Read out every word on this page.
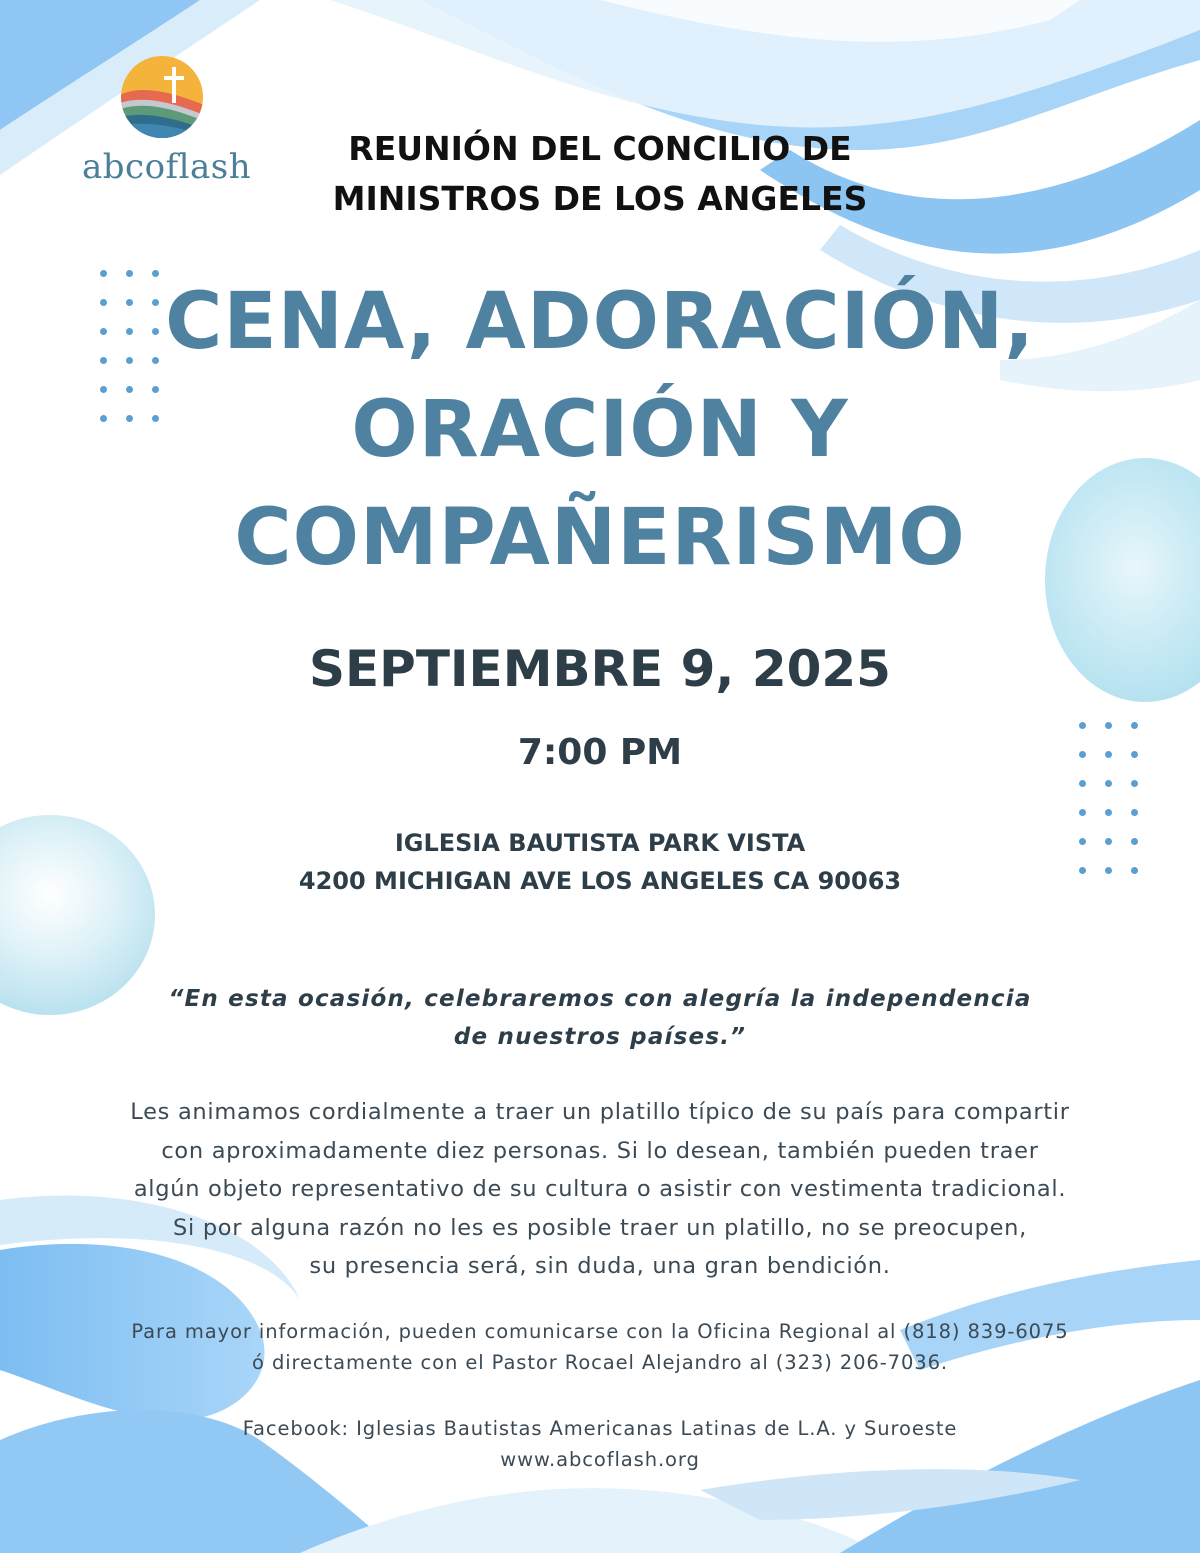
abcoflash	REUNIÓN DEL CONCILIO DE
MINISTROS DE LOS ANGELES
CENA, ADORACIÓN,
ORACIÓN Y
COMPAÑERISMO
SEPTIEMBRE 9, 2025
7:00 PM
IGLESIA BAUTISTA PARK VISTA
4200 MICHIGAN AVE LOS ANGELES CA 90063
“En esta ocasión, celebraremos con alegría la independencia
de nuestros países.”
Les animamos cordialmente a traer un platillo típico de su país para compartir
con aproximadamente diez personas. Si lo desean, también pueden traer
algún objeto representativo de su cultura o asistir con vestimenta tradicional.
Si por alguna razón no les es posible traer un platillo, no se preocupen,
su presencia será, sin duda, una gran bendición.
Para mayor información, pueden comunicarse con la Oficina Regional al (818) 839-6075
ó directamente con el Pastor Rocael Alejandro al (323) 206-7036.
Facebook: Iglesias Bautistas Americanas Latinas de L.A. y Suroeste
www.abcoflash.org
